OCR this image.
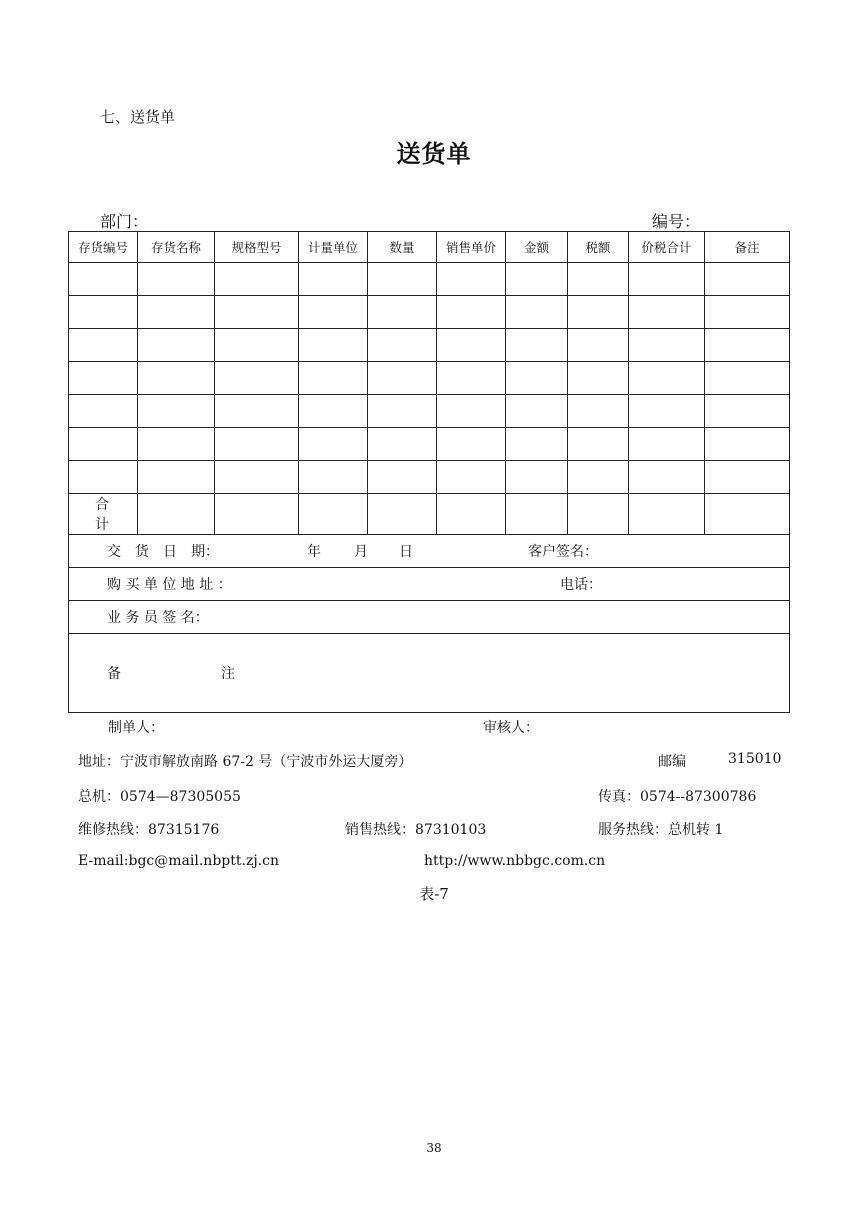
七、送货单
送货单
部门：	编号：
存货编号	存货名称	规格型号	计量单位	数量	销售单价	金额	税额	价税合计	备注

合 计									

交　货　日　期： 年 月 日 客户签名：									

购 买 单 位 地 址 ： 电话：									

业 务 员 签 名：									

备 注									
制单人：	审核人：
地址：宁波市解放南路 67-2 号（宁波市外运大厦旁）	邮编	315010
总机：0574—87305055	传真：0574--87300786
维修热线：87315176	销售热线：87310103	服务热线：总机转 1
E-mail:bgc@mail.nbptt.zj.cn	http://www.nbbgc.com.cn
表-7
38
